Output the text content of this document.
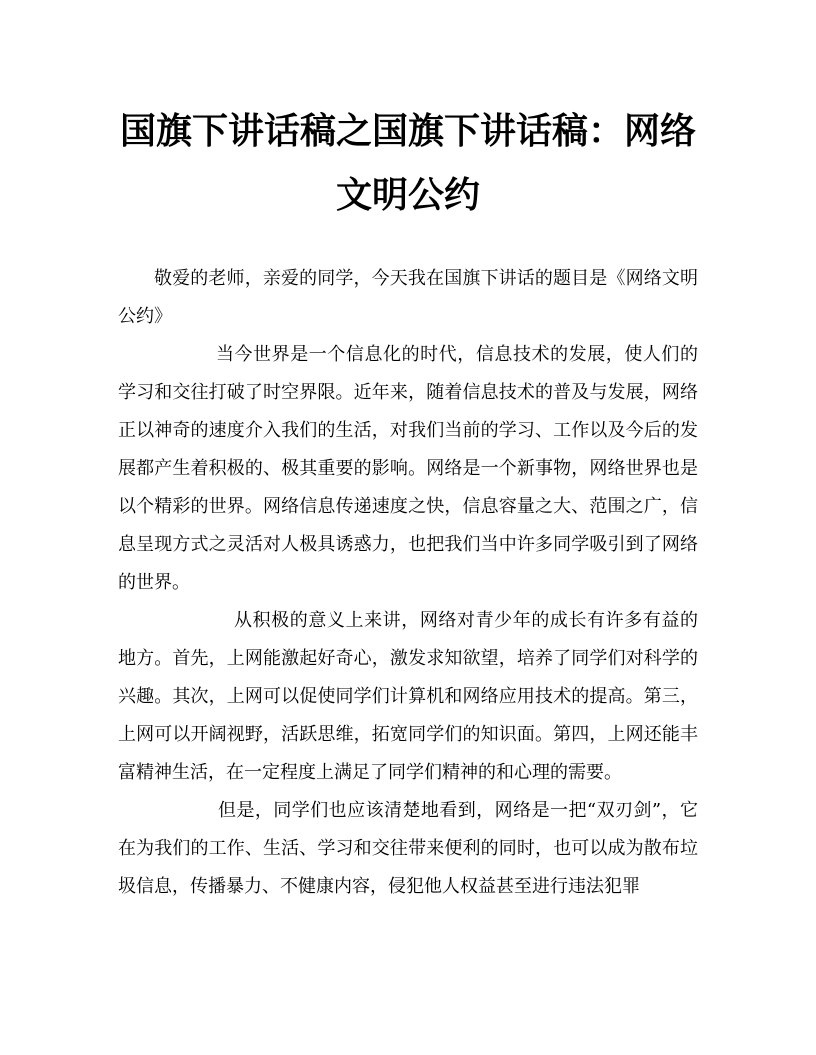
国旗下讲话稿之国旗下讲话稿：网络文明公约

敬爱的老师，亲爱的同学，今天我在国旗下讲话的题目是《网络文明公约》

当今世界是一个信息化的时代，信息技术的发展，使人们的学习和交往打破了时空界限。近年来，随着信息技术的普及与发展，网络正以神奇的速度介入我们的生活，对我们当前的学习、工作以及今后的发展都产生着积极的、极其重要的影响。网络是一个新事物，网络世界也是以个精彩的世界。网络信息传递速度之快，信息容量之大、范围之广，信息呈现方式之灵活对人极具诱惑力，也把我们当中许多同学吸引到了网络的世界。

从积极的意义上来讲，网络对青少年的成长有许多有益的地方。首先，上网能激起好奇心，激发求知欲望，培养了同学们对科学的兴趣。其次，上网可以促使同学们计算机和网络应用技术的提高。第三，上网可以开阔视野，活跃思维，拓宽同学们的知识面。第四，上网还能丰富精神生活，在一定程度上满足了同学们精神的和心理的需要。

但是，同学们也应该清楚地看到，网络是一把“双刃剑”，它在为我们的工作、生活、学习和交往带来便利的同时，也可以成为散布垃圾信息，传播暴力、不健康内容，侵犯他人权益甚至进行违法犯罪
